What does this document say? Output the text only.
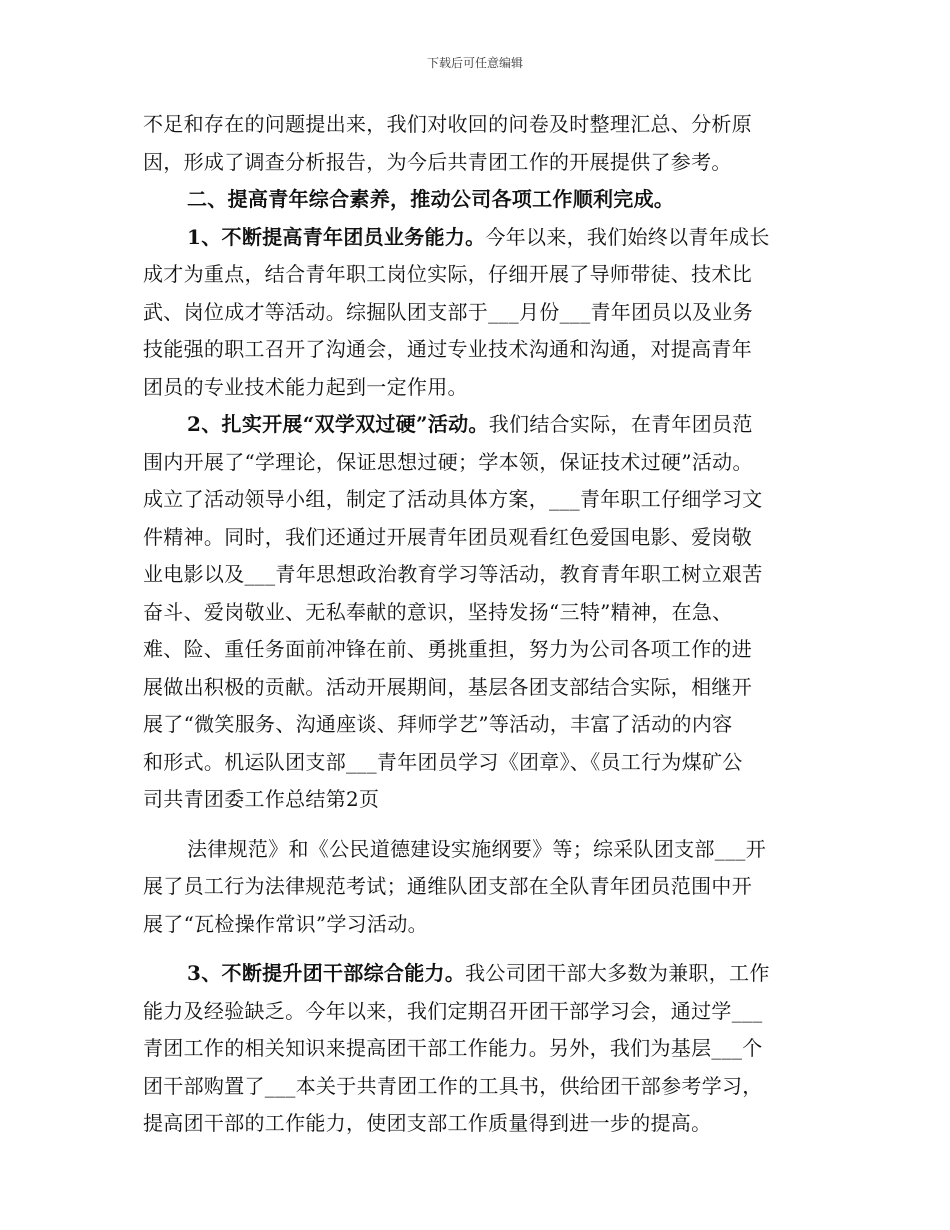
下载后可任意编辑
不足和存在的问题提出来，我们对收回的问卷及时整理汇总、分析原
因，形成了调查分析报告，为今后共青团工作的开展提供了参考。
二、提高青年综合素养，推动公司各项工作顺利完成。
1、不断提高青年团员业务能力。今年以来，我们始终以青年成长
成才为重点，结合青年职工岗位实际，仔细开展了导师带徒、技术比
武、岗位成才等活动。综掘队团支部于___月份___青年团员以及业务
技能强的职工召开了沟通会，通过专业技术沟通和沟通，对提高青年
团员的专业技术能力起到一定作用。
2、扎实开展“双学双过硬”活动。我们结合实际，在青年团员范
围内开展了“学理论，保证思想过硬；学本领，保证技术过硬”活动。
成立了活动领导小组，制定了活动具体方案，___青年职工仔细学习文
件精神。同时，我们还通过开展青年团员观看红色爱国电影、爱岗敬
业电影以及___青年思想政治教育学习等活动，教育青年职工树立艰苦
奋斗、爱岗敬业、无私奉献的意识，坚持发扬“三特”精神，在急、
难、险、重任务面前冲锋在前、勇挑重担，努力为公司各项工作的进
展做出积极的贡献。活动开展期间，基层各团支部结合实际，相继开
展了“微笑服务、沟通座谈、拜师学艺”等活动，丰富了活动的内容
和形式。机运队团支部___青年团员学习《团章》、《员工行为煤矿公
司共青团委工作总结第2页
法律规范》和《公民道德建设实施纲要》等；综采队团支部___开
展了员工行为法律规范考试；通维队团支部在全队青年团员范围中开
展了“瓦检操作常识”学习活动。
3、不断提升团干部综合能力。我公司团干部大多数为兼职，工作
能力及经验缺乏。今年以来，我们定期召开团干部学习会，通过学___
青团工作的相关知识来提高团干部工作能力。另外，我们为基层___个
团干部购置了___本关于共青团工作的工具书，供给团干部参考学习，
提高团干部的工作能力，使团支部工作质量得到进一步的提高。
